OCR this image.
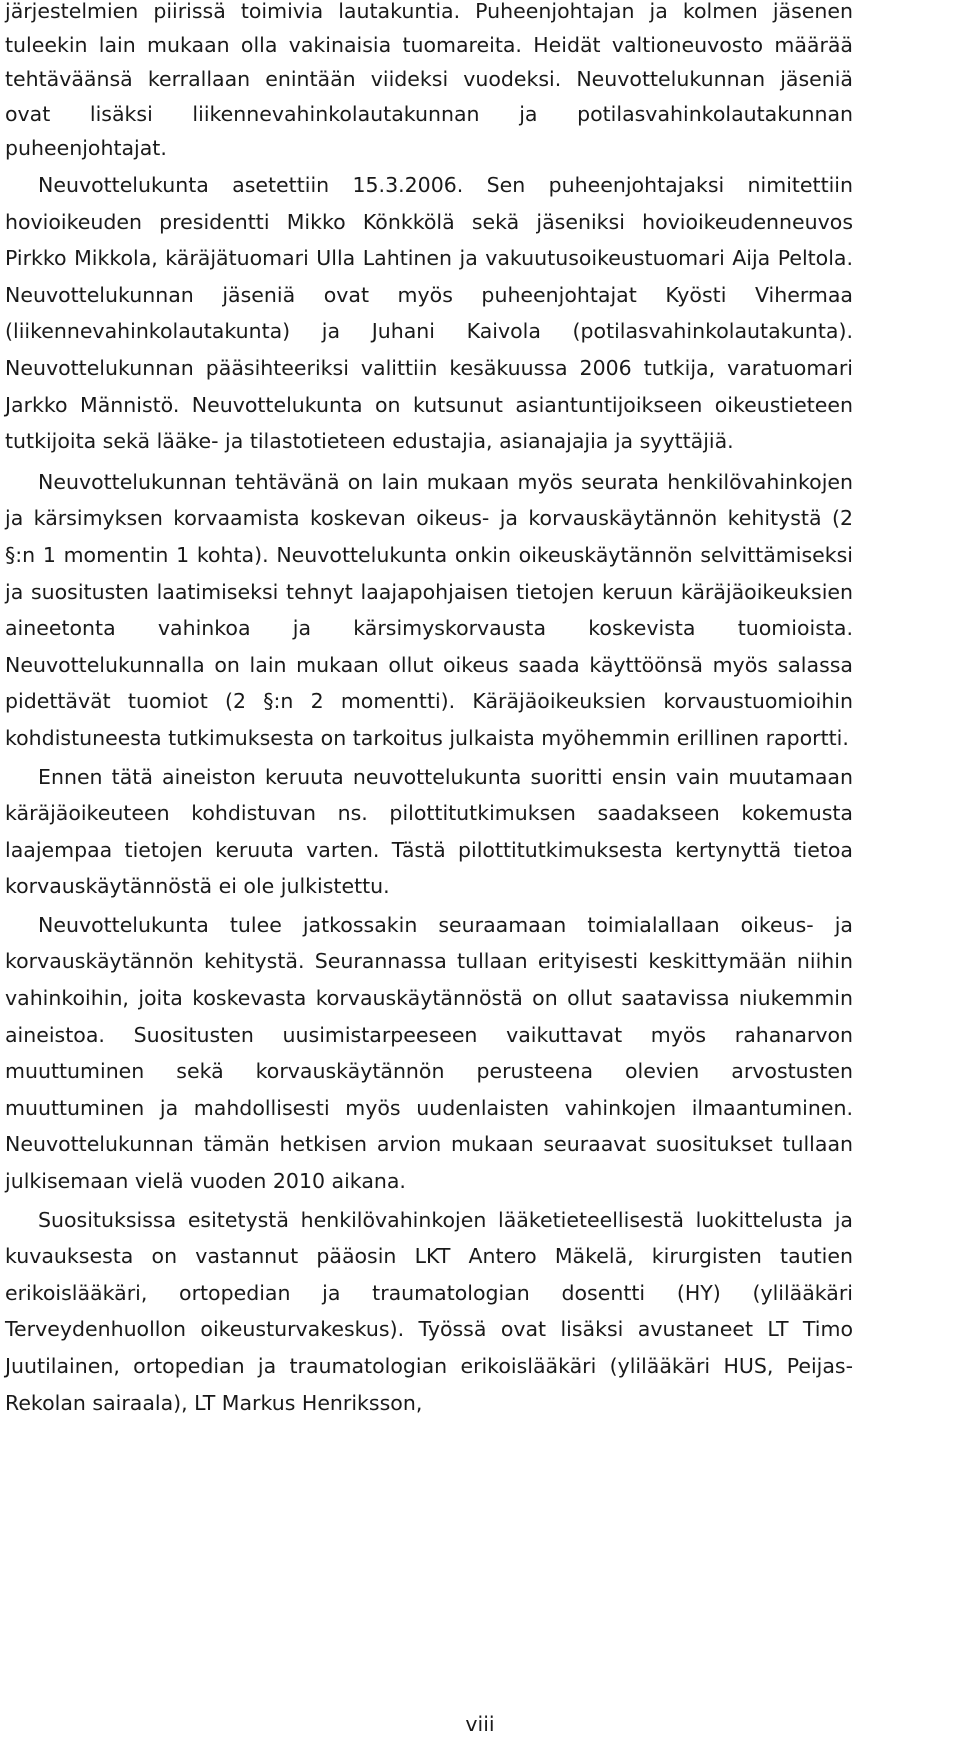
järjestelmien piirissä toimivia lautakuntia. Puheenjohtajan ja kolmen jäsenen tuleekin lain mukaan olla vakinaisia tuomareita. Heidät valtioneuvosto määrää tehtäväänsä kerrallaan enintään viideksi vuodeksi. Neuvottelukunnan jäseniä ovat lisäksi liikennevahinkolautakunnan ja potilasvahinkolautakunnan puheenjohtajat.

Neuvottelukunta asetettiin 15.3.2006. Sen puheenjohtajaksi nimitettiin hovioikeuden presidentti Mikko Könkkölä sekä jäseniksi hovioikeudenneuvos Pirkko Mikkola, käräjätuomari Ulla Lahtinen ja vakuutusoikeustuomari Aija Peltola. Neuvottelukunnan jäseniä ovat myös puheenjohtajat Kyösti Vihermaa (liikennevahinkolautakunta) ja Juhani Kaivola (potilasvahinkolautakunta). Neuvottelukunnan pääsihteeriksi valittiin kesäkuussa 2006 tutkija, varatuomari Jarkko Männistö. Neuvottelukunta on kutsunut asiantuntijoikseen oikeustieteen tutkijoita sekä lääke- ja tilastotieteen edustajia, asianajajia ja syyttäjiä.

Neuvottelukunnan tehtävänä on lain mukaan myös seurata henkilövahinkojen ja kärsimyksen korvaamista koskevan oikeus- ja korvauskäytännön kehitystä (2 §:n 1 momentin 1 kohta). Neuvottelukunta onkin oikeuskäytännön selvittämiseksi ja suositusten laatimiseksi tehnyt laajapohjaisen tietojen keruun käräjäoikeuksien aineetonta vahinkoa ja kärsimyskorvausta koskevista tuomioista. Neuvottelukunnalla on lain mukaan ollut oikeus saada käyttöönsä myös salassa pidettävät tuomiot (2 §:n 2 momentti). Käräjäoikeuksien korvaustuomioihin kohdistuneesta tutkimuksesta on tarkoitus julkaista myöhemmin erillinen raportti.

Ennen tätä aineiston keruuta neuvottelukunta suoritti ensin vain muutamaan käräjäoikeuteen kohdistuvan ns. pilottitutkimuksen saadakseen kokemusta laajempaa tietojen keruuta varten. Tästä pilottitutkimuksesta kertynyttä tietoa korvauskäytännöstä ei ole julkistettu.

Neuvottelukunta tulee jatkossakin seuraamaan toimialallaan oikeus- ja korvauskäytännön kehitystä. Seurannassa tullaan erityisesti keskittymään niihin vahinkoihin, joita koskevasta korvauskäytännöstä on ollut saatavissa niukemmin aineistoa. Suositusten uusimistarpeeseen vaikuttavat myös rahanarvon muuttuminen sekä korvauskäytännön perusteena olevien arvostusten muuttuminen ja mahdollisesti myös uudenlaisten vahinkojen ilmaantuminen. Neuvottelukunnan tämän hetkisen arvion mukaan seuraavat suositukset tullaan julkisemaan vielä vuoden 2010 aikana.

Suosituksissa esitetystä henkilövahinkojen lääketieteellisestä luokittelusta ja kuvauksesta on vastannut pääosin LKT Antero Mäkelä, kirurgisten tautien erikoislääkäri, ortopedian ja traumatologian dosentti (HY) (ylilääkäri Terveydenhuollon oikeusturvakeskus). Työssä ovat lisäksi avustaneet LT Timo Juutilainen, ortopedian ja traumatologian erikoislääkäri (ylilääkäri HUS, Peijas-Rekolan sairaala), LT Markus Henriksson,

viii
